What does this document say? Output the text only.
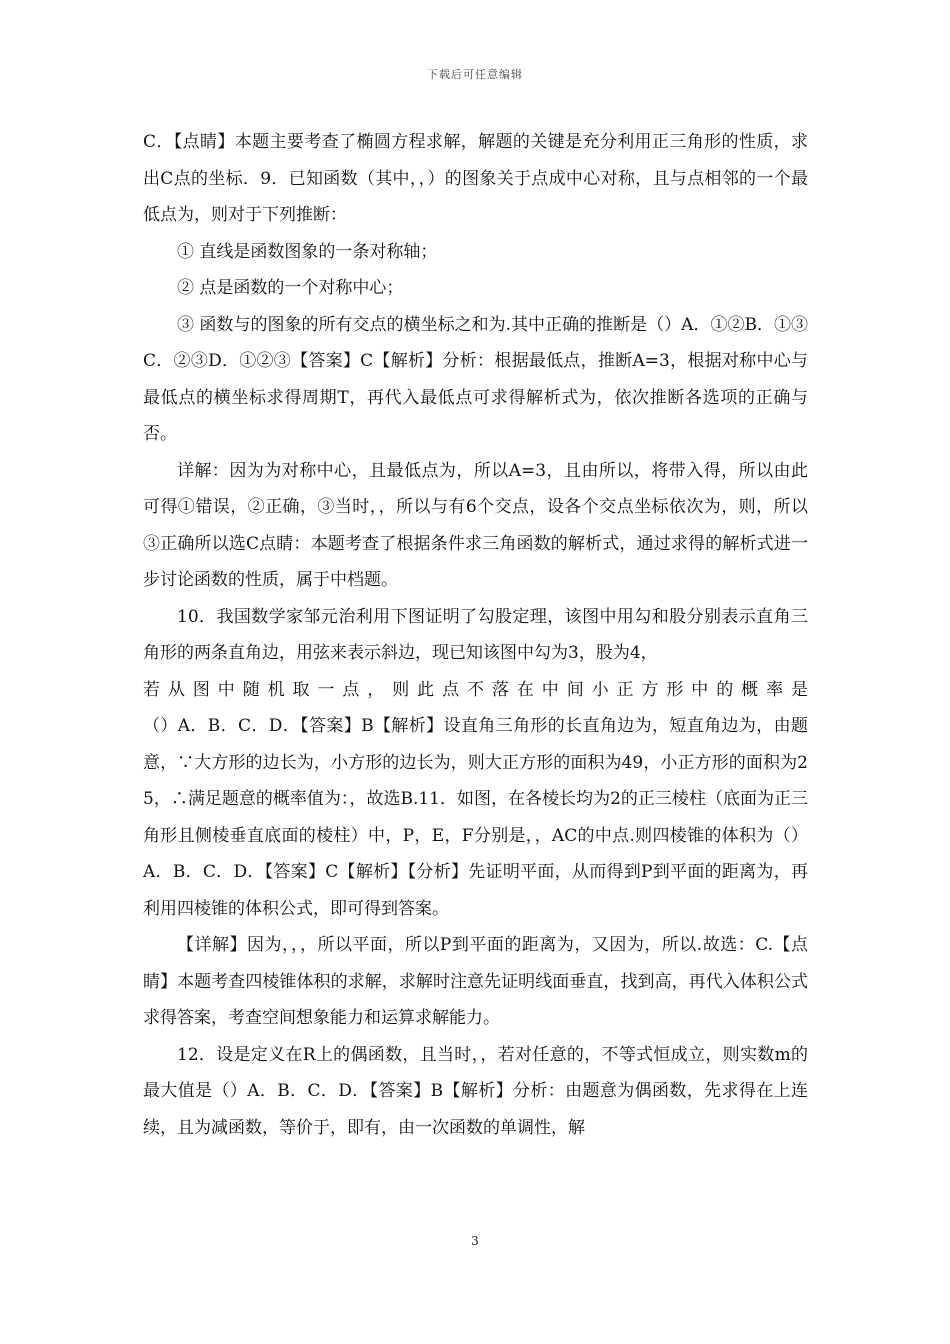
下载后可任意编辑

C．【点睛】本题主要考查了椭圆方程求解，解题的关键是充分利用正三角形的性质，求出C点的坐标．9．已知函数（其中，，）的图象关于点成中心对称，且与点相邻的一个最低点为，则对于下列推断：

① 直线是函数图象的一条对称轴；

② 点是函数的一个对称中心；

③ 函数与的图象的所有交点的横坐标之和为.其中正确的推断是（）A．①②B．①③C．②③D．①②③【答案】C【解析】分析：根据最低点，推断A=3，根据对称中心与最低点的横坐标求得周期T，再代入最低点可求得解析式为，依次推断各选项的正确与否。

详解：因为为对称中心，且最低点为，所以A=3，且由所以，将带入得，所以由此可得①错误，②正确，③当时，，所以与有6个交点，设各个交点坐标依次为，则，所以③正确所以选C点睛：本题考查了根据条件求三角函数的解析式，通过求得的解析式进一步讨论函数的性质，属于中档题。

10．我国数学家邹元治利用下图证明了勾股定理，该图中用勾和股分别表示直角三角形的两条直角边，用弦来表示斜边，现已知该图中勾为3，股为4，

若从图中随机取一点，则此点不落在中间小正方形中的概率是

（）A．B．C．D．【答案】B【解析】设直角三角形的长直角边为，短直角边为，由题意，∵大方形的边长为，小方形的边长为，则大正方形的面积为49，小正方形的面积为25，∴满足题意的概率值为：，故选B.11．如图，在各棱长均为2的正三棱柱（底面为正三角形且侧棱垂直底面的棱柱）中，P，E，F分别是，，AC的中点.则四棱锥的体积为（）A．B．C．D．【答案】C【解析】【分析】先证明平面，从而得到P到平面的距离为，再利用四棱锥的体积公式，即可得到答案。

【详解】因为，，，所以平面，所以P到平面的距离为，又因为，所以.故选：C.【点睛】本题考查四棱锥体积的求解，求解时注意先证明线面垂直，找到高，再代入体积公式求得答案，考查空间想象能力和运算求解能力。

12．设是定义在R上的偶函数，且当时，，若对任意的，不等式恒成立，则实数m的最大值是（）A．B．C．D．【答案】B【解析】分析：由题意为偶函数，先求得在上连续，且为减函数，等价于，即有，由一次函数的单调性，解

3
